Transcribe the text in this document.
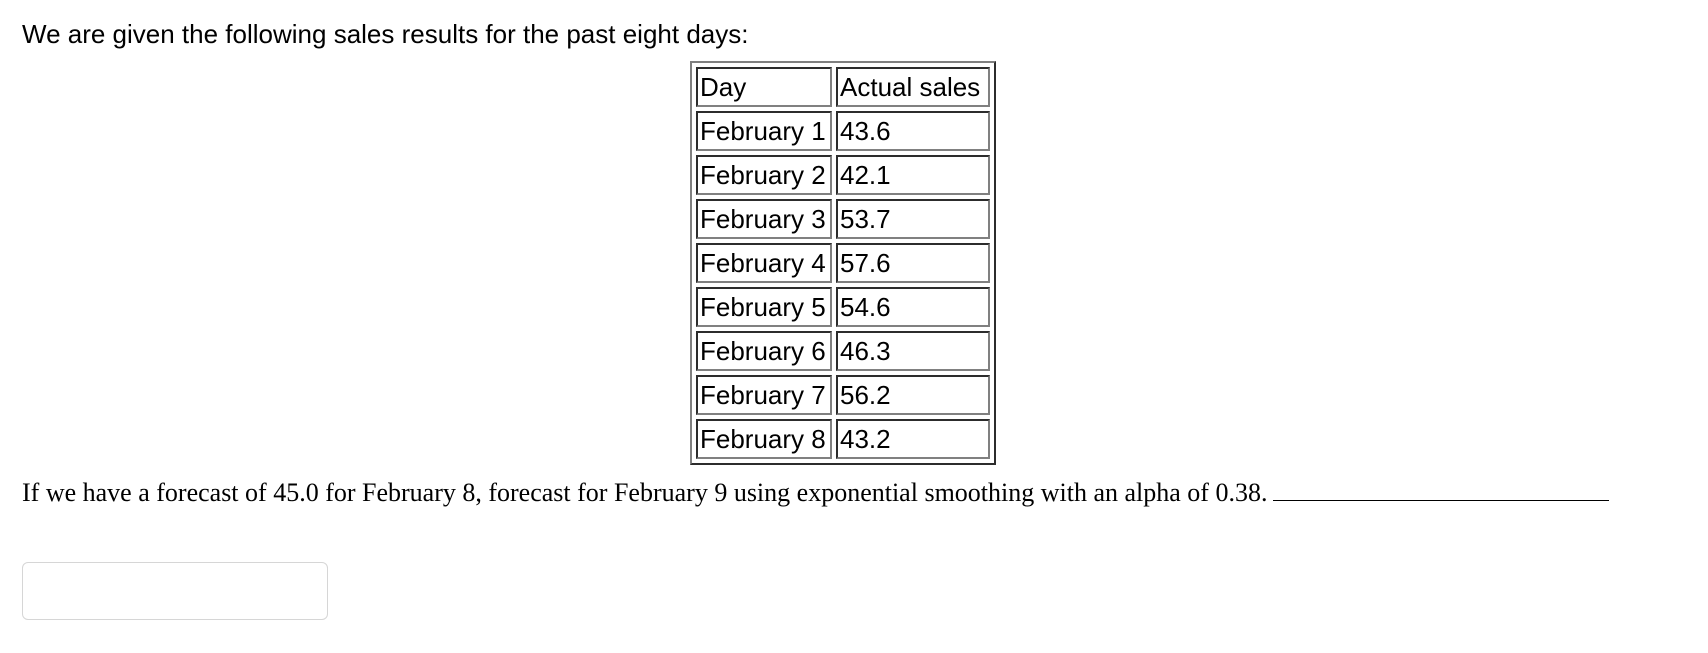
We are given the following sales results for the past eight days:

Day	Actual sales
February 1	43.6
February 2	42.1
February 3	53.7
February 4	57.6
February 5	54.6
February 6	46.3
February 7	56.2
February 8	43.2

If we have a forecast of 45.0 for February 8, forecast for February 9 using exponential smoothing with an alpha of 0.38.
